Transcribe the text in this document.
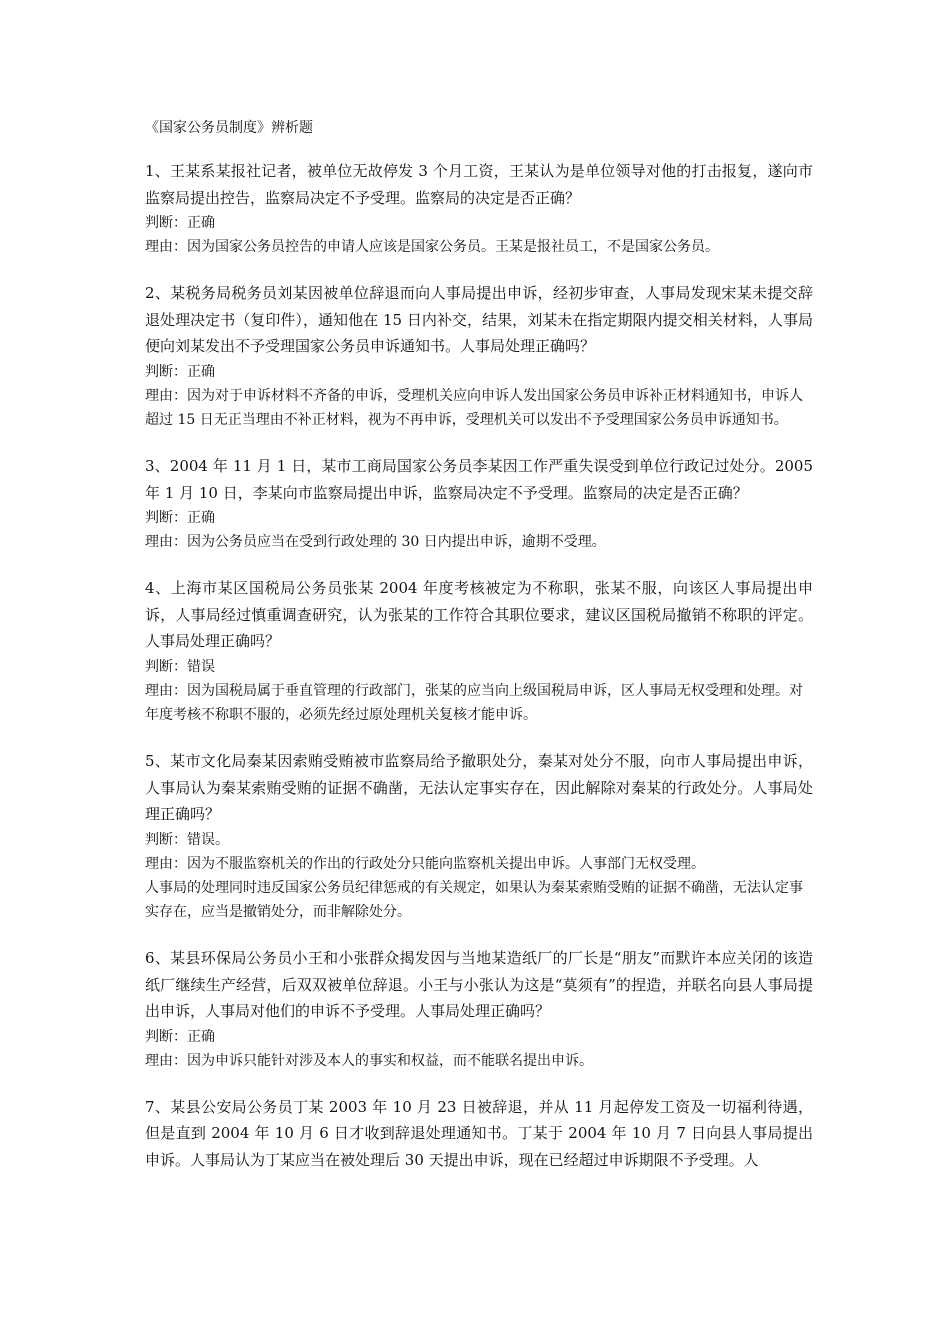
《国家公务员制度》辨析题

1、王某系某报社记者，被单位无故停发 3 个月工资，王某认为是单位领导对他的打击报复，遂向市监察局提出控告，监察局决定不予受理。监察局的决定是否正确？

判断：正确

理由：因为国家公务员控告的申请人应该是国家公务员。王某是报社员工，不是国家公务员。

2、某税务局税务员刘某因被单位辞退而向人事局提出申诉，经初步审查，人事局发现宋某未提交辞退处理决定书（复印件），通知他在 15 日内补交，结果，刘某未在指定期限内提交相关材料，人事局便向刘某发出不予受理国家公务员申诉通知书。人事局处理正确吗？

判断：正确

理由：因为对于申诉材料不齐备的申诉，受理机关应向申诉人发出国家公务员申诉补正材料通知书，申诉人超过 15 日无正当理由不补正材料，视为不再申诉，受理机关可以发出不予受理国家公务员申诉通知书。

3、2004 年 11 月 1 日，某市工商局国家公务员李某因工作严重失误受到单位行政记过处分。2005 年 1 月 10 日，李某向市监察局提出申诉，监察局决定不予受理。监察局的决定是否正确？

判断：正确

理由：因为公务员应当在受到行政处理的 30 日内提出申诉，逾期不受理。

4、上海市某区国税局公务员张某 2004 年度考核被定为不称职，张某不服，向该区人事局提出申诉，人事局经过慎重调查研究，认为张某的工作符合其职位要求，建议区国税局撤销不称职的评定。人事局处理正确吗？

判断：错误

理由：因为国税局属于垂直管理的行政部门，张某的应当向上级国税局申诉，区人事局无权受理和处理。对年度考核不称职不服的，必须先经过原处理机关复核才能申诉。

5、某市文化局秦某因索贿受贿被市监察局给予撤职处分，秦某对处分不服，向市人事局提出申诉，人事局认为秦某索贿受贿的证据不确凿，无法认定事实存在，因此解除对秦某的行政处分。人事局处理正确吗？

判断：错误。

理由：因为不服监察机关的作出的行政处分只能向监察机关提出申诉。人事部门无权受理。

人事局的处理同时违反国家公务员纪律惩戒的有关规定，如果认为秦某索贿受贿的证据不确凿，无法认定事实存在，应当是撤销处分，而非解除处分。

6、某县环保局公务员小王和小张群众揭发因与当地某造纸厂的厂长是“朋友”而默许本应关闭的该造纸厂继续生产经营，后双双被单位辞退。小王与小张认为这是“莫须有”的捏造，并联名向县人事局提出申诉，人事局对他们的申诉不予受理。人事局处理正确吗？

判断：正确

理由：因为申诉只能针对涉及本人的事实和权益，而不能联名提出申诉。

7、某县公安局公务员丁某 2003 年 10 月 23 日被辞退，并从 11 月起停发工资及一切福利待遇，但是直到 2004 年 10 月 6 日才收到辞退处理通知书。丁某于 2004 年 10 月 7 日向县人事局提出申诉。人事局认为丁某应当在被处理后 30 天提出申诉，现在已经超过申诉期限不予受理。人
